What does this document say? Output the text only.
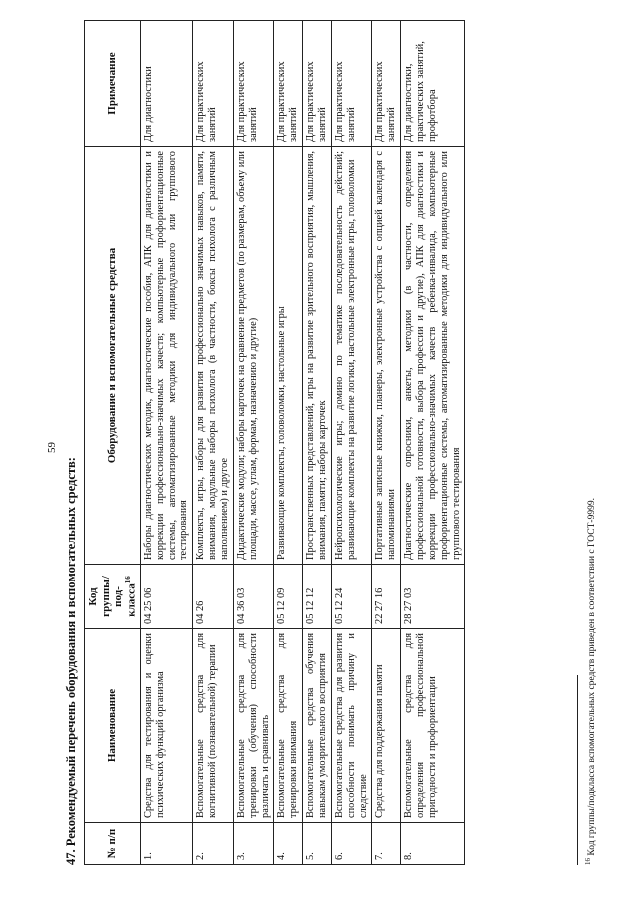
59
47. Рекомендуемый перечень оборудования и вспомогательных средств:	№ п/п	Наименование	Код группы/под-класса$^{16}$	Оборудование и вспомогательные средства	Примечание
1.	Средства для тестирования и оценки психических функций организма	04 25 06	Наборы диагностических методик, диагностические пособия, АПК для диагностики и коррекции профессионально-значимых качеств; компьютерные профориентационные системы, автоматизированные методики для индивидуального или группового тестирования	Для диагностики
2.	Вспомогательные средства для когнитивной (познавательной) терапии	04 26	Комплекты, игры, наборы для развития профессионально значимых навыков, памяти, внимания, модульные наборы психолога (в частности, боксы психолога с различным наполнением) и другое	Для практических занятий
3.	Вспомогательные средства для тренировки (обучения) способности различать и сравнивать	04 36 03	Дидактические модули; наборы карточек на сравнение предметов (по размерам, объему или площади, массе, углам, формам, назначению и другие)	Для практических занятий
4.	Вспомогательные средства для тренировки внимания	05 12 09	Развивающие комплекты, головоломки, настольные игры	Для практических занятий
5.	Вспомогательные средства обучения навыкам умозрительного восприятия	05 12 12	Пространственных представлений, игры на развитие зрительного восприятия, мышления, внимания, памяти; наборы карточек	Для практических занятий
6.	Вспомогательные средства для развития способности понимать причину и следствие	05 12 24	Нейропсихологические игры; домино по тематике последовательность действий; развивающие комплекты на развитие логики, настольные электронные игры, головоломки	Для практических занятий
7.	Средства для поддержания памяти	22 27 16	Портативные записные книжки, планеры, электронные устройства с опцией календаря с напоминаниями	Для практических занятий
8.	Вспомогательные средства для определения профессиональной пригодности и профориентации	28 27 03	Диагностические опросники, анкеты, методики (в частности, определения профессиональной готовности, выбора профессии и другие), АПК для диагностики и коррекции профессионально-значимых качеств ребенка-инвалида, компьютерные профориентационные системы, автоматизированные методики для индивидуального или группового тестирования	Для диагностики, практических занятий, профотбора
$^{16}$ Код группы/подкласса вспомогательных средств приведен в соответствии с ГОСТ-9999.
